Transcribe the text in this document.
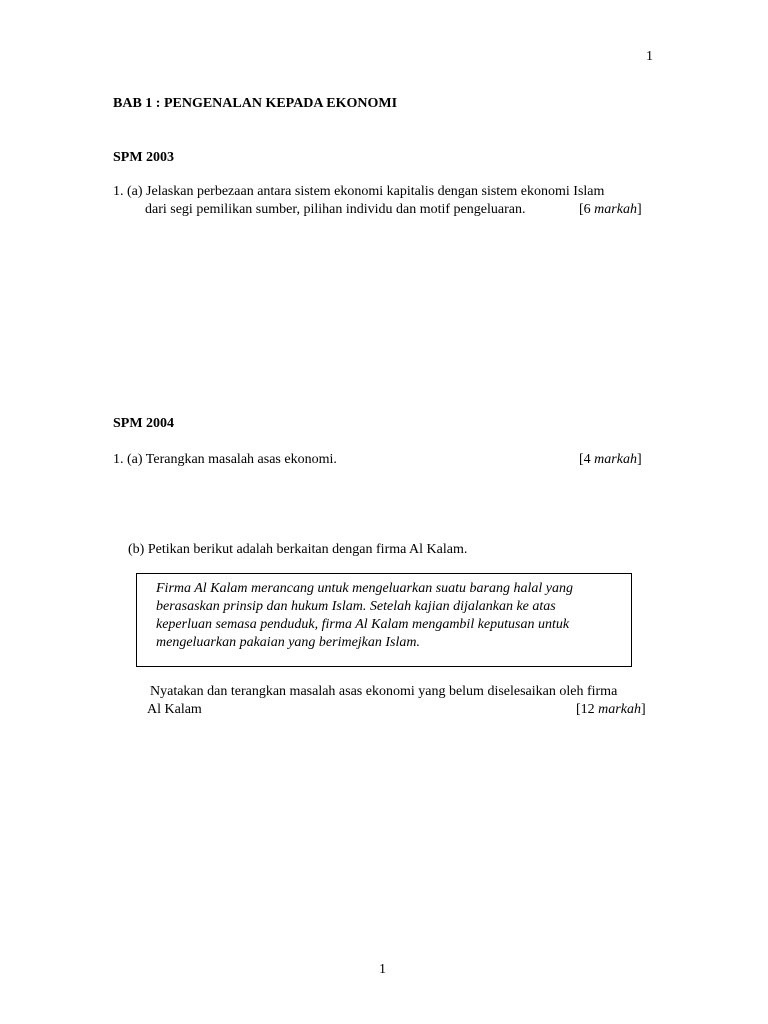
1
BAB 1 : PENGENALAN KEPADA EKONOMI
SPM 2003
1. (a) Jelaskan perbezaan antara sistem ekonomi kapitalis dengan sistem ekonomi Islam
dari segi pemilikan sumber, pilihan individu dan motif pengeluaran.	[6 markah]
SPM 2004
1. (a) Terangkan masalah asas ekonomi.	[4 markah]
(b) Petikan berikut adalah berkaitan dengan firma Al Kalam.
Firma Al Kalam merancang untuk mengeluarkan suatu barang halal yang
berasaskan prinsip dan hukum Islam. Setelah kajian dijalankan ke atas
keperluan semasa penduduk, firma Al Kalam mengambil keputusan untuk
mengeluarkan pakaian yang berimejkan Islam.
Nyatakan dan terangkan masalah asas ekonomi yang belum diselesaikan oleh firma
Al Kalam	[12 markah]
1
